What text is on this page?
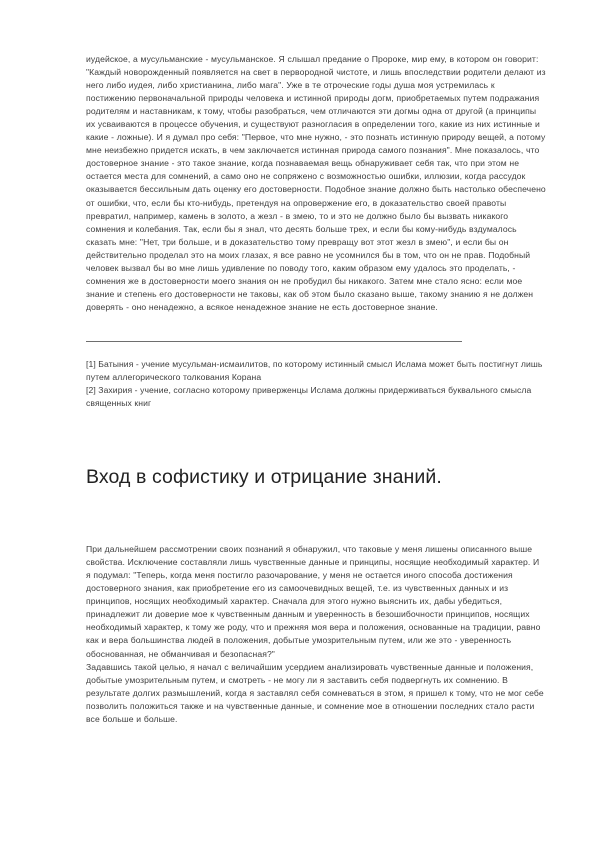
иудейское, а мусульманские - мусульманское. Я слышал предание о Пророке, мир ему, в котором он говорит: "Каждый новорожденный появляется на свет в первородной чистоте, и лишь впоследствии родители делают из него либо иудея, либо христианина, либо мага". Уже в те отроческие годы душа моя устремилась к постижению первоначальной природы человека и истинной природы догм, приобретаемых путем подражания родителям и наставникам, к тому, чтобы разобраться, чем отличаются эти догмы одна от другой (а принципы их усваиваются в процессе обучения, и существуют разногласия в определении того, какие из них истинные и какие - ложные). И я думал про себя: "Первое, что мне нужно, - это познать истинную природу вещей, а потому мне неизбежно придется искать, в чем заключается истинная природа самого познания". Мне показалось, что достоверное знание - это такое знание, когда познаваемая вещь обнаруживает себя так, что при этом не остается места для сомнений, а само оно не сопряжено с возможностью ошибки, иллюзии, когда рассудок оказывается бессильным дать оценку его достоверности. Подобное знание должно быть настолько обеспечено от ошибки, что, если бы кто-нибудь, претендуя на опровержение его, в доказательство своей правоты превратил, например, камень в золото, а жезл - в змею, то и это не должно было бы вызвать никакого сомнения и колебания. Так, если бы я знал, что десять больше трех, и если бы кому-нибудь вздумалось сказать мне: "Нет, три больше, и в доказательство тому превращу вот этот жезл в змею", и если бы он действительно проделал это на моих глазах, я все равно не усомнился бы в том, что он не прав. Подобный человек вызвал бы во мне лишь удивление по поводу того, каким образом ему удалось это проделать, - сомнения же в достоверности моего знания он не пробудил бы никакого. Затем мне стало ясно: если мое знание и степень его достоверности не таковы, как об этом было сказано выше, такому знанию я не должен доверять - оно ненадежно, а всякое ненадежное знание не есть достоверное знание.

[1] Батыния - учение мусульман-исмаилитов, по которому истинный смысл Ислама может быть постигнут лишь путем аллегорического толкования Корана

[2] Захирия - учение, согласно которому приверженцы Ислама должны придерживаться буквального смысла священных книг

Вход в софистику и отрицание знаний.

При дальнейшем рассмотрении своих познаний я обнаружил, что таковые у меня лишены описанного выше свойства. Исключение составляли лишь чувственные данные и принципы, носящие необходимый характер. И я подумал: "Теперь, когда меня постигло разочарование, у меня не остается иного способа достижения достоверного знания, как приобретение его из самоочевидных вещей, т.е. из чувственных данных и из принципов, носящих необходимый характер. Сначала для этого нужно выяснить их, дабы убедиться, принадлежит ли доверие мое к чувственным данным и уверенность в безошибочности принципов, носящих необходимый характер, к тому же роду, что и прежняя моя вера и положения, основанные на традиции, равно как и вера большинства людей в положения, добытые умозрительным путем, или же это - уверенность обоснованная, не обманчивая и безопасная?"

Задавшись такой целью, я начал с величайшим усердием анализировать чувственные данные и положения, добытые умозрительным путем, и смотреть - не могу ли я заставить себя подвергнуть их сомнению. В результате долгих размышлений, когда я заставлял себя сомневаться в этом, я пришел к тому, что не мог себе позволить положиться также и на чувственные данные, и сомнение мое в отношении последних стало расти все больше и больше.
